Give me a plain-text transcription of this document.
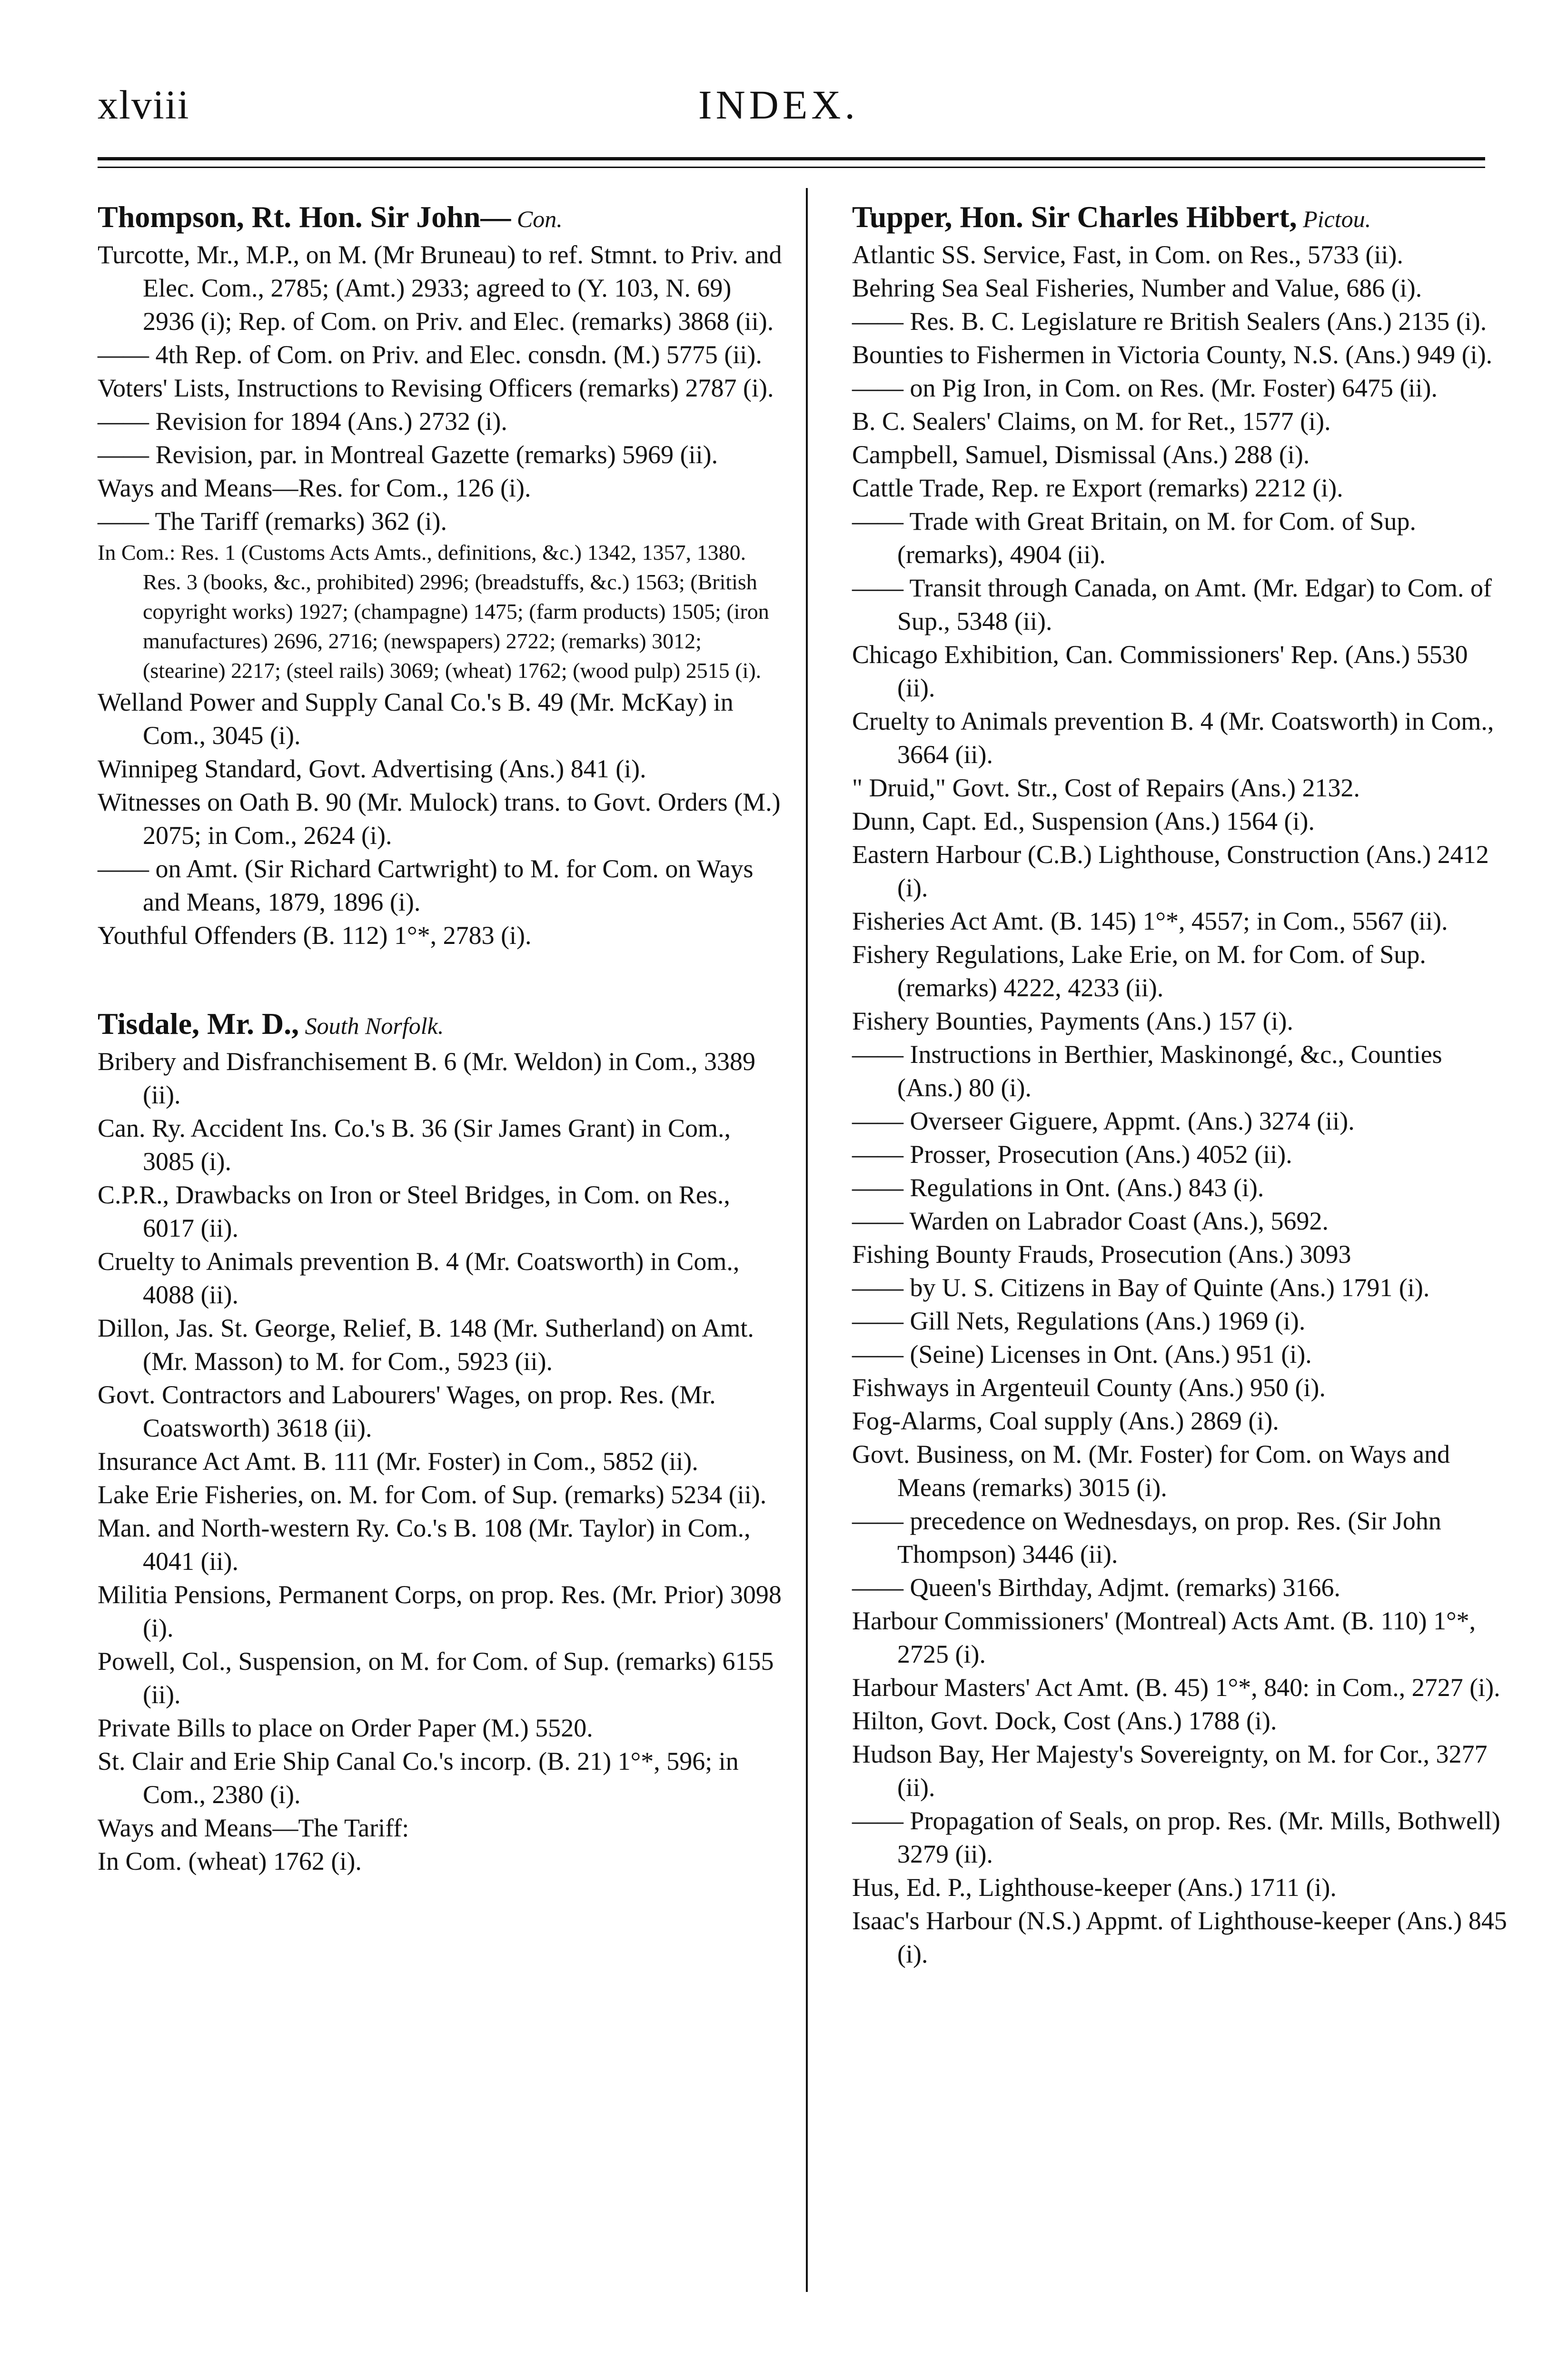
xlviii	INDEX.
Thompson, Rt. Hon. Sir John— Con.

Turcotte, Mr., M.P., on M. (Mr Bruneau) to ref. Stmnt. to Priv. and Elec. Com., 2785; (Amt.) 2933; agreed to (Y. 103, N. 69) 2936 (i); Rep. of Com. on Priv. and Elec. (remarks) 3868 (ii).

—— 4th Rep. of Com. on Priv. and Elec. consdn. (M.) 5775 (ii).

Voters' Lists, Instructions to Revising Officers (remarks) 2787 (i).

—— Revision for 1894 (Ans.) 2732 (i).

—— Revision, par. in Montreal Gazette (remarks) 5969 (ii).

Ways and Means—Res. for Com., 126 (i).

—— The Tariff (remarks) 362 (i).

In Com.: Res. 1 (Customs Acts Amts., definitions, &c.) 1342, 1357, 1380. Res. 3 (books, &c., prohibited) 2996; (breadstuffs, &c.) 1563; (British copyright works) 1927; (champagne) 1475; (farm products) 1505; (iron manufactures) 2696, 2716; (newspapers) 2722; (remarks) 3012; (stearine) 2217; (steel rails) 3069; (wheat) 1762; (wood pulp) 2515 (i).

Welland Power and Supply Canal Co.'s B. 49 (Mr. McKay) in Com., 3045 (i).

Winnipeg Standard, Govt. Advertising (Ans.) 841 (i).

Witnesses on Oath B. 90 (Mr. Mulock) trans. to Govt. Orders (M.) 2075; in Com., 2624 (i).

—— on Amt. (Sir Richard Cartwright) to M. for Com. on Ways and Means, 1879, 1896 (i).

Youthful Offenders (B. 112) 1°*, 2783 (i).

Tisdale, Mr. D., South Norfolk.

Bribery and Disfranchisement B. 6 (Mr. Weldon) in Com., 3389 (ii).

Can. Ry. Accident Ins. Co.'s B. 36 (Sir James Grant) in Com., 3085 (i).

C.P.R., Drawbacks on Iron or Steel Bridges, in Com. on Res., 6017 (ii).

Cruelty to Animals prevention B. 4 (Mr. Coatsworth) in Com., 4088 (ii).

Dillon, Jas. St. George, Relief, B. 148 (Mr. Sutherland) on Amt. (Mr. Masson) to M. for Com., 5923 (ii).

Govt. Contractors and Labourers' Wages, on prop. Res. (Mr. Coatsworth) 3618 (ii).

Insurance Act Amt. B. 111 (Mr. Foster) in Com., 5852 (ii).

Lake Erie Fisheries, on. M. for Com. of Sup. (remarks) 5234 (ii).

Man. and North-western Ry. Co.'s B. 108 (Mr. Taylor) in Com., 4041 (ii).

Militia Pensions, Permanent Corps, on prop. Res. (Mr. Prior) 3098 (i).

Powell, Col., Suspension, on M. for Com. of Sup. (remarks) 6155 (ii).

Private Bills to place on Order Paper (M.) 5520.

St. Clair and Erie Ship Canal Co.'s incorp. (B. 21) 1°*, 596; in Com., 2380 (i).

Ways and Means—The Tariff:

In Com. (wheat) 1762 (i).

Tupper, Hon. Sir Charles Hibbert, Pictou.

Atlantic SS. Service, Fast, in Com. on Res., 5733 (ii).

Behring Sea Seal Fisheries, Number and Value, 686 (i).

—— Res. B. C. Legislature re British Sealers (Ans.) 2135 (i).

Bounties to Fishermen in Victoria County, N.S. (Ans.) 949 (i).

—— on Pig Iron, in Com. on Res. (Mr. Foster) 6475 (ii).

B. C. Sealers' Claims, on M. for Ret., 1577 (i).

Campbell, Samuel, Dismissal (Ans.) 288 (i).

Cattle Trade, Rep. re Export (remarks) 2212 (i).

—— Trade with Great Britain, on M. for Com. of Sup. (remarks), 4904 (ii).

—— Transit through Canada, on Amt. (Mr. Edgar) to Com. of Sup., 5348 (ii).

Chicago Exhibition, Can. Commissioners' Rep. (Ans.) 5530 (ii).

Cruelty to Animals prevention B. 4 (Mr. Coatsworth) in Com., 3664 (ii).

" Druid," Govt. Str., Cost of Repairs (Ans.) 2132.

Dunn, Capt. Ed., Suspension (Ans.) 1564 (i).

Eastern Harbour (C.B.) Lighthouse, Construction (Ans.) 2412 (i).

Fisheries Act Amt. (B. 145) 1°*, 4557; in Com., 5567 (ii).

Fishery Regulations, Lake Erie, on M. for Com. of Sup. (remarks) 4222, 4233 (ii).

Fishery Bounties, Payments (Ans.) 157 (i).

—— Instructions in Berthier, Maskinongé, &c., Counties (Ans.) 80 (i).

—— Overseer Giguere, Appmt. (Ans.) 3274 (ii).

—— Prosser, Prosecution (Ans.) 4052 (ii).

—— Regulations in Ont. (Ans.) 843 (i).

—— Warden on Labrador Coast (Ans.), 5692.

Fishing Bounty Frauds, Prosecution (Ans.) 3093

—— by U. S. Citizens in Bay of Quinte (Ans.) 1791 (i).

—— Gill Nets, Regulations (Ans.) 1969 (i).

—— (Seine) Licenses in Ont. (Ans.) 951 (i).

Fishways in Argenteuil County (Ans.) 950 (i).

Fog-Alarms, Coal supply (Ans.) 2869 (i).

Govt. Business, on M. (Mr. Foster) for Com. on Ways and Means (remarks) 3015 (i).

—— precedence on Wednesdays, on prop. Res. (Sir John Thompson) 3446 (ii).

—— Queen's Birthday, Adjmt. (remarks) 3166.

Harbour Commissioners' (Montreal) Acts Amt. (B. 110) 1°*, 2725 (i).

Harbour Masters' Act Amt. (B. 45) 1°*, 840: in Com., 2727 (i).

Hilton, Govt. Dock, Cost (Ans.) 1788 (i).

Hudson Bay, Her Majesty's Sovereignty, on M. for Cor., 3277 (ii).

—— Propagation of Seals, on prop. Res. (Mr. Mills, Bothwell) 3279 (ii).

Hus, Ed. P., Lighthouse-keeper (Ans.) 1711 (i).

Isaac's Harbour (N.S.) Appmt. of Lighthouse-keeper (Ans.) 845 (i).
